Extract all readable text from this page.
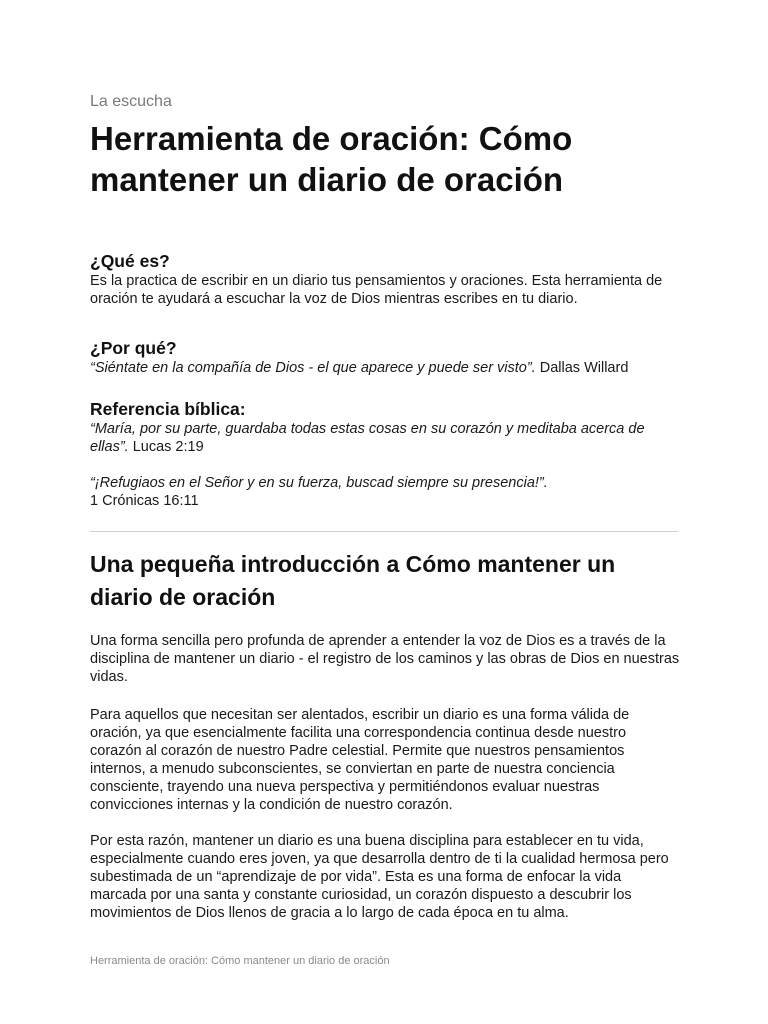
La escucha
Herramienta de oración: Cómo mantener un diario de oración
¿Qué es?

Es la practica de escribir en un diario tus pensamientos y oraciones. Esta herramienta de oración te ayudará a escuchar la voz de Dios mientras escribes en tu diario.

¿Por qué?

“Siéntate en la compañía de Dios - el que aparece y puede ser visto”. Dallas Willard

Referencia bíblica:

“María, por su parte, guardaba todas estas cosas en su corazón y meditaba acerca de ellas”. Lucas 2:19

“¡Refugiaos en el Señor y en su fuerza, buscad siempre su presencia!”.
1 Crónicas 16:11

Una pequeña introducción a Cómo mantener un diario de oración

Una forma sencilla pero profunda de aprender a entender la voz de Dios es a través de la disciplina de mantener un diario - el registro de los caminos y las obras de Dios en nuestras vidas.

Para aquellos que necesitan ser alentados, escribir un diario es una forma válida de oración, ya que esencialmente facilita una correspondencia continua desde nuestro corazón al corazón de nuestro Padre celestial. Permite que nuestros pensamientos internos, a menudo subconscientes, se conviertan en parte de nuestra conciencia consciente, trayendo una nueva perspectiva y permitiéndonos evaluar nuestras convicciones internas y la condición de nuestro corazón.

Por esta razón, mantener un diario es una buena disciplina para establecer en tu vida, especialmente cuando eres joven, ya que desarrolla dentro de ti la cualidad hermosa pero subestimada de un “aprendizaje de por vida”. Esta es una forma de enfocar la vida marcada por una santa y constante curiosidad, un corazón dispuesto a descubrir los movimientos de Dios llenos de gracia a lo largo de cada época en tu alma.

Herramienta de oración: Cómo mantener un diario de oración
